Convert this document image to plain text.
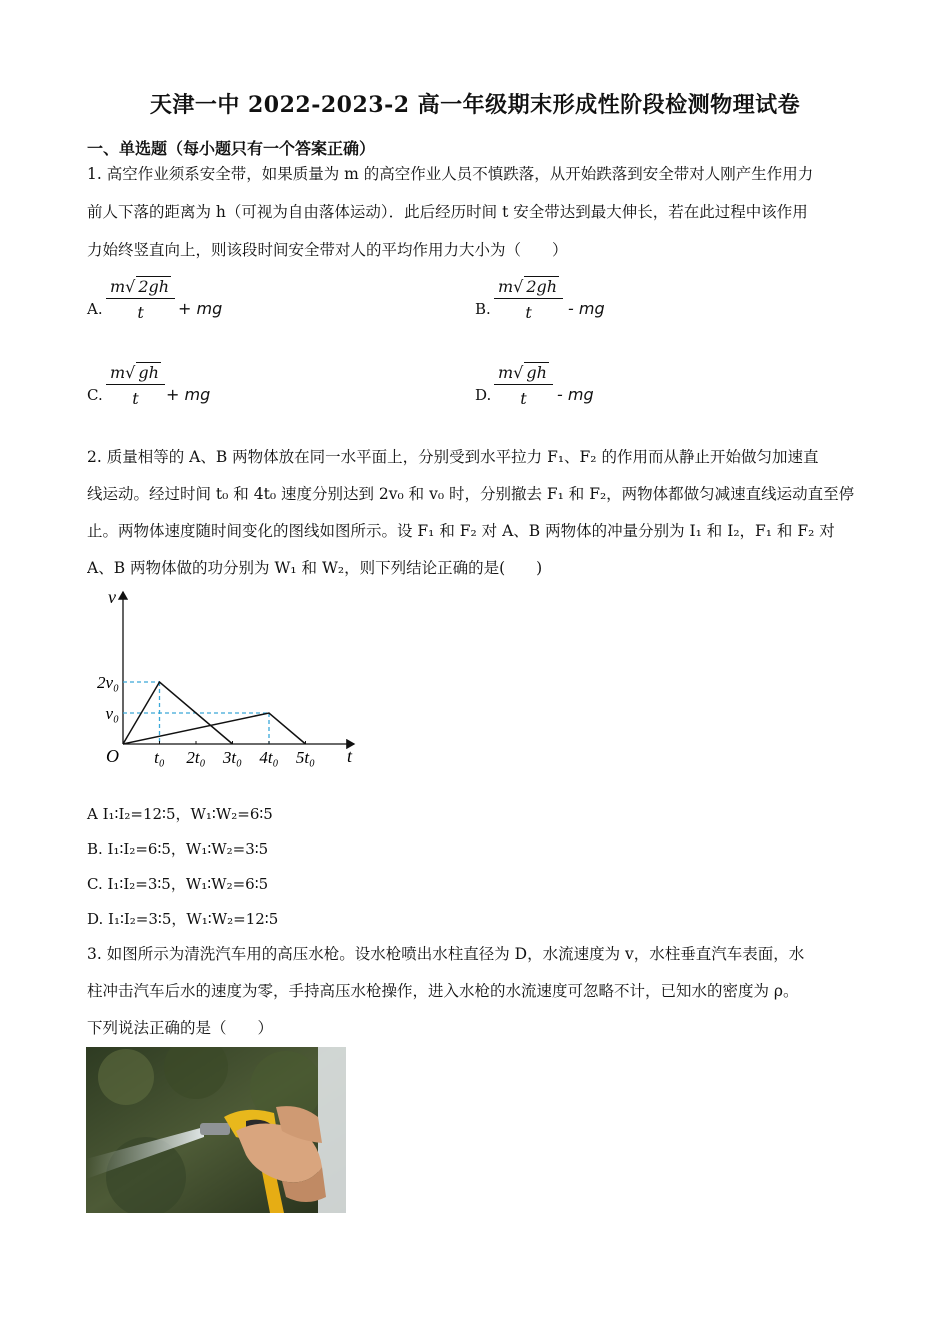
天津一中 2022-2023-2 高一年级期末形成性阶段检测物理试卷
一、单选题（每小题只有一个答案正确）
1. 高空作业须系安全带，如果质量为 m 的高空作业人员不慎跌落，从开始跌落到安全带对人刚产生作用力
前人下落的距离为 h（可视为自由落体运动）．此后经历时间 t 安全带达到最大伸长，若在此过程中该作用
力始终竖直向上，则该段时间安全带对人的平均作用力大小为（　　）
A. $\frac{m√ 2gh}{t}$ + mg	B. $\frac{m√ 2gh}{t}$ - mg
C. $\frac{m√ gh}{t}$ + mg	D. $\frac{m√ gh}{t}$ - mg
2. 质量相等的 A、B 两物体放在同一水平面上，分别受到水平拉力 F₁、F₂ 的作用而从静止开始做匀加速直
线运动。经过时间 t₀ 和 4t₀ 速度分别达到 2v₀ 和 v₀ 时，分别撤去 F₁ 和 F₂，两物体都做匀减速直线运动直至停
止。两物体速度随时间变化的图线如图所示。设 F₁ 和 F₂ 对 A、B 两物体的冲量分别为 I₁ 和 I₂，F₁ 和 F₂ 对
A、B 两物体做的功分别为 W₁ 和 W₂，则下列结论正确的是(　　)
t₀ 2t₀ 3t₀ 4t₀ 5t₀
2v₀
v₀
v
t
O
A I₁∶I₂=12∶5，W₁∶W₂=6∶5
B. I₁∶I₂=6∶5，W₁∶W₂=3∶5
C. I₁∶I₂=3∶5，W₁∶W₂=6∶5
D. I₁∶I₂=3∶5，W₁∶W₂=12∶5
3. 如图所示为清洗汽车用的高压水枪。设水枪喷出水柱直径为 D，水流速度为 v，水柱垂直汽车表面，水
柱冲击汽车后水的速度为零，手持高压水枪操作，进入水枪的水流速度可忽略不计，已知水的密度为 ρ。
下列说法正确的是（　　）
